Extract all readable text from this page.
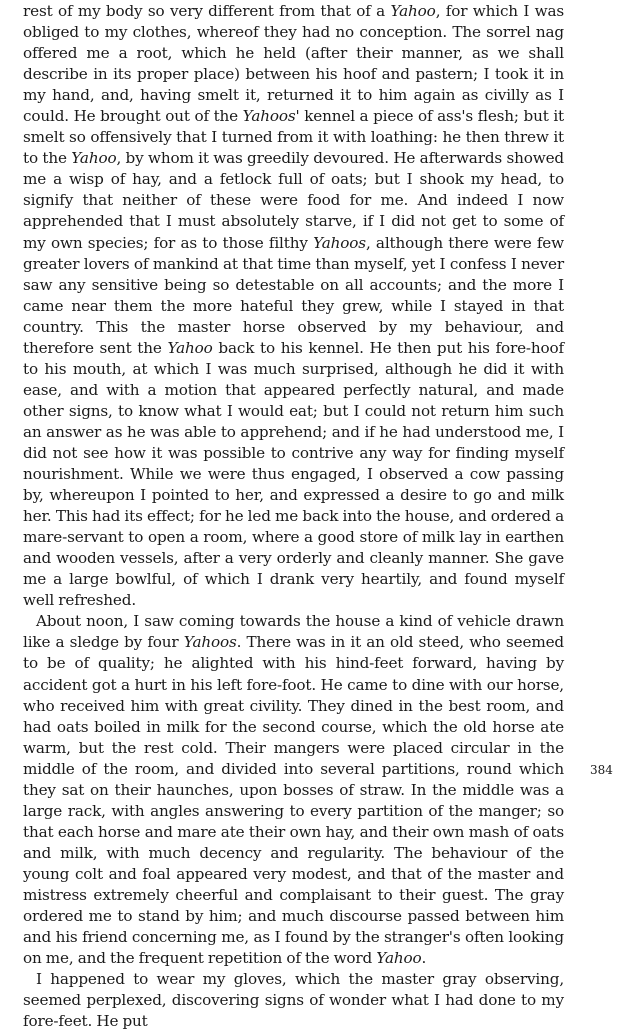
rest of my body so very different from that of a Yahoo, for which I was obliged to my clothes, whereof they had no conception. The sorrel nag offered me a root, which he held (after their manner, as we shall describe in its proper place) between his hoof and pastern; I took it in my hand, and, having smelt it, returned it to him again as civilly as I could. He brought out of the Yahoos' kennel a piece of ass's flesh; but it smelt so offensively that I turned from it with loathing: he then threw it to the Yahoo, by whom it was greedily devoured. He afterwards showed me a wisp of hay, and a fetlock full of oats; but I shook my head, to signify that neither of these were food for me. And indeed I now apprehended that I must absolutely starve, if I did not get to some of my own species; for as to those filthy Yahoos, although there were few greater lovers of mankind at that time than myself, yet I confess I never saw any sensitive being so detestable on all accounts; and the more I came near them the more hateful they grew, while I stayed in that country. This the master horse observed by my behaviour, and therefore sent the Yahoo back to his kennel. He then put his fore-hoof to his mouth, at which I was much surprised, although he did it with ease, and with a motion that appeared perfectly natural, and made other signs, to know what I would eat; but I could not return him such an answer as he was able to apprehend; and if he had understood me, I did not see how it was possible to contrive any way for finding myself nourishment. While we were thus engaged, I observed a cow passing by, whereupon I pointed to her, and expressed a desire to go and milk her. This had its effect; for he led me back into the house, and ordered a mare-servant to open a room, where a good store of milk lay in earthen and wooden vessels, after a very orderly and cleanly manner. She gave me a large bowlful, of which I drank very heartily, and found myself well refreshed.

About noon, I saw coming towards the house a kind of vehicle drawn like a sledge by four Yahoos. There was in it an old steed, who seemed to be of quality; he alighted with his hind-feet forward, having by accident got a hurt in his left fore-foot. He came to dine with our horse, who received him with great civility. They dined in the best room, and had oats boiled in milk for the second course, which the old horse ate warm, but the rest cold. Their mangers were placed circular in the middle of the room, and divided into several partitions, round which they sat on their haunches, upon bosses of straw. In the middle was a large rack, with angles answering to every partition of the manger; so that each horse and mare ate their own hay, and their own mash of oats and milk, with much decency and regularity. The behaviour of the young colt and foal appeared very modest, and that of the master and mistress extremely cheerful and complaisant to their guest. The gray ordered me to stand by him; and much discourse passed between him and his friend concerning me, as I found by the stranger's often looking on me, and the frequent repetition of the word Yahoo.

I happened to wear my gloves, which the master gray observing, seemed perplexed, discovering signs of wonder what I had done to my fore-feet. He put

384
